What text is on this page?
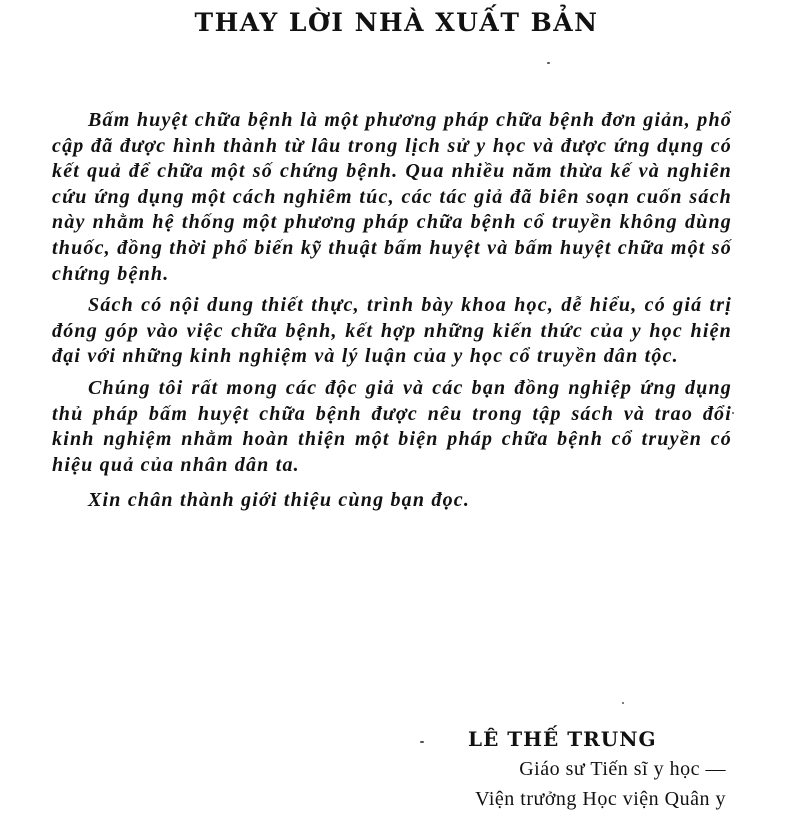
THAY LỜI NHÀ XUẤT BẢN

Bấm huyệt chữa bệnh là một phương pháp chữa bệnh đơn giản, phổ cập đã được hình thành từ lâu trong lịch sử y học và được ứng dụng có kết quả để chữa một số chứng bệnh. Qua nhiều năm thừa kế và nghiên cứu ứng dụng một cách nghiêm túc, các tác giả đã biên soạn cuốn sách này nhằm hệ thống một phương pháp chữa bệnh cổ truyền không dùng thuốc, đồng thời phổ biến kỹ thuật bấm huyệt và bấm huyệt chữa một số chứng bệnh.

Sách có nội dung thiết thực, trình bày khoa học, dễ hiểu, có giá trị đóng góp vào việc chữa bệnh, kết hợp những kiến thức của y học hiện đại với những kinh nghiệm và lý luận của y học cổ truyền dân tộc.

Chúng tôi rất mong các độc giả và các bạn đồng nghiệp ứng dụng thủ pháp bấm huyệt chữa bệnh được nêu trong tập sách và trao đổi kinh nghiệm nhằm hoàn thiện một biện pháp chữa bệnh cổ truyền có hiệu quả của nhân dân ta.

Xin chân thành giới thiệu cùng bạn đọc.

LÊ THẾ TRUNG
Giáo sư Tiến sĩ y học —
Viện trưởng Học viện Quân y
